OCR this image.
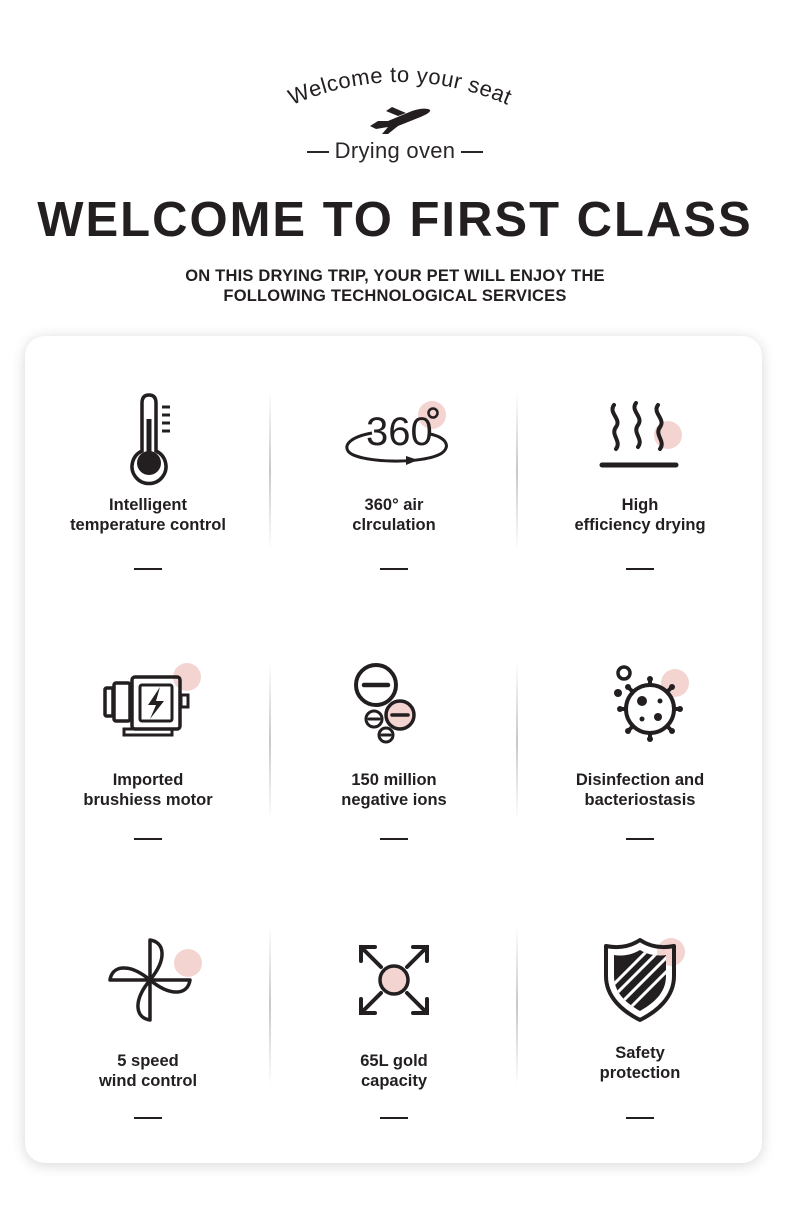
Welcome to your seat
Drying oven
WELCOME TO FIRST CLASS
ON THIS DRYING TRIP, YOUR PET WILL ENJOY THE
FOLLOWING TECHNOLOGICAL SERVICES
Intelligent
temperature control
360
360° air
clrculation
High
efficiency drying
Imported
brushiess motor
150 million
negative ions
Disinfection and
bacteriostasis
5 speed
wind control
65L gold
capacity
Safety
protection
